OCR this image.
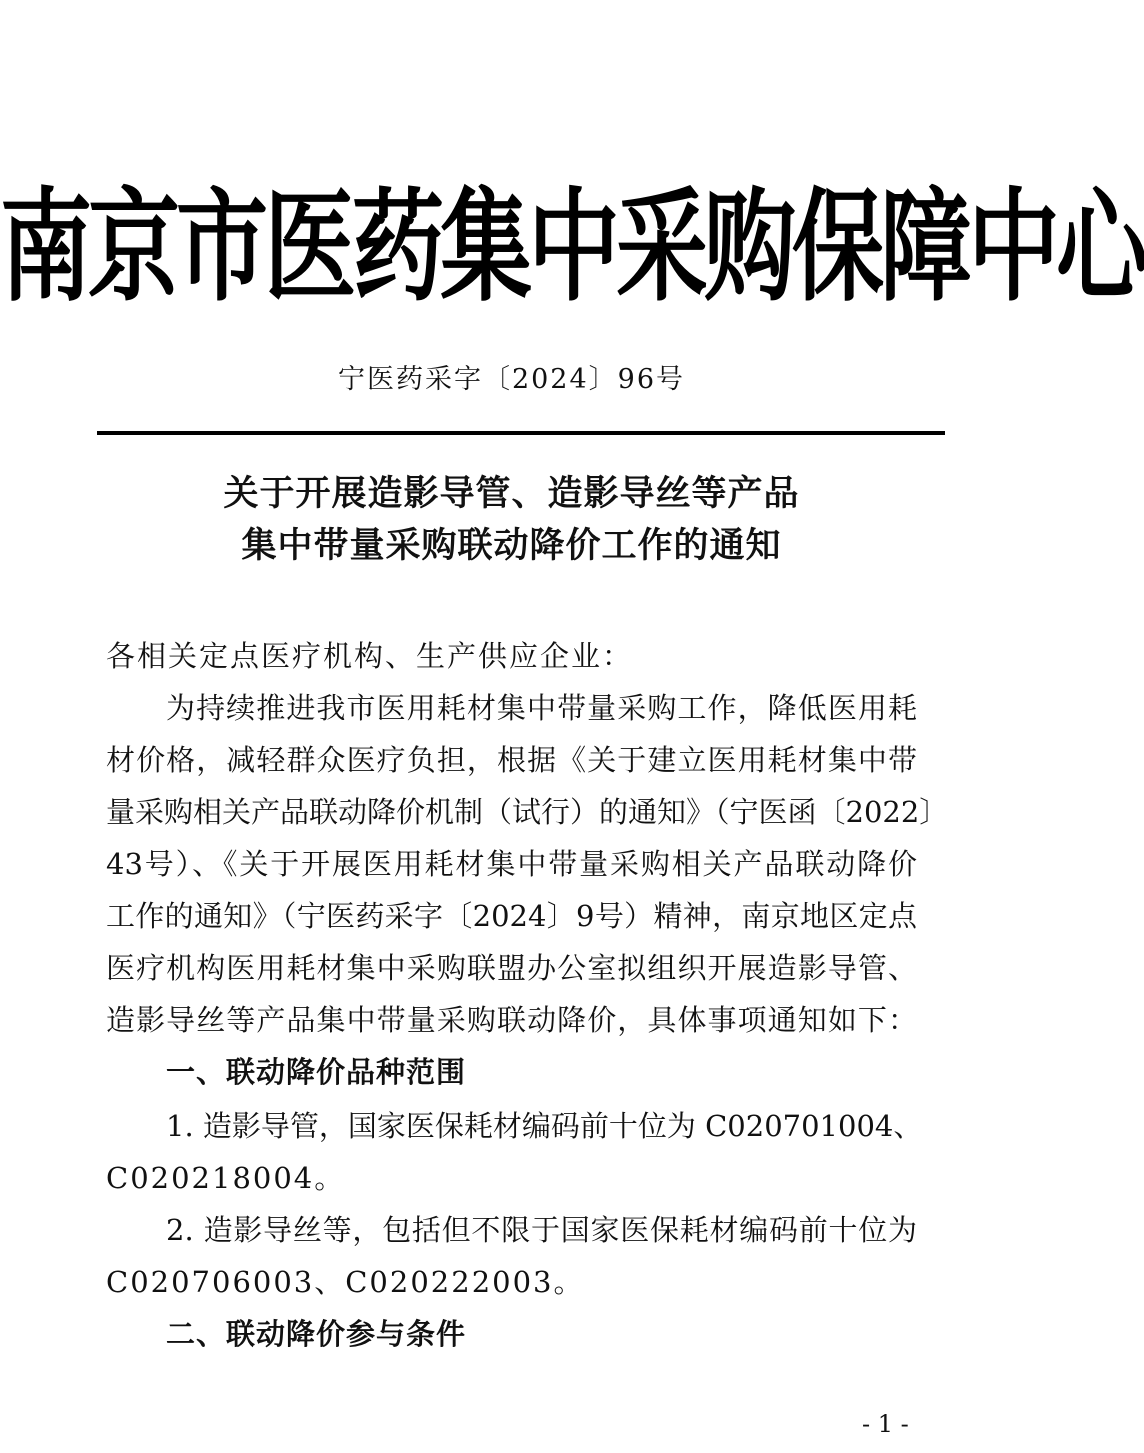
南京市医药集中采购保障中心
宁医药采字〔2024〕96号
关于开展造影导管、造影导丝等产品
集中带量采购联动降价工作的通知
各相关定点医疗机构、生产供应企业：
为持续推进我市医用耗材集中带量采购工作，降低医用耗
材价格，减轻群众医疗负担，根据《关于建立医用耗材集中带
量采购相关产品联动降价机制（试行）的通知》（宁医函〔2022〕
43号）、《关于开展医用耗材集中带量采购相关产品联动降价
工作的通知》（宁医药采字〔2024〕9号）精神，南京地区定点
医疗机构医用耗材集中采购联盟办公室拟组织开展造影导管、
造影导丝等产品集中带量采购联动降价，具体事项通知如下：
一、联动降价品种范围
1. 造影导管，国家医保耗材编码前十位为 C020701004、
C020218004。
2. 造影导丝等，包括但不限于国家医保耗材编码前十位为
C020706003、C020222003。
二、联动降价参与条件
- 1 -
